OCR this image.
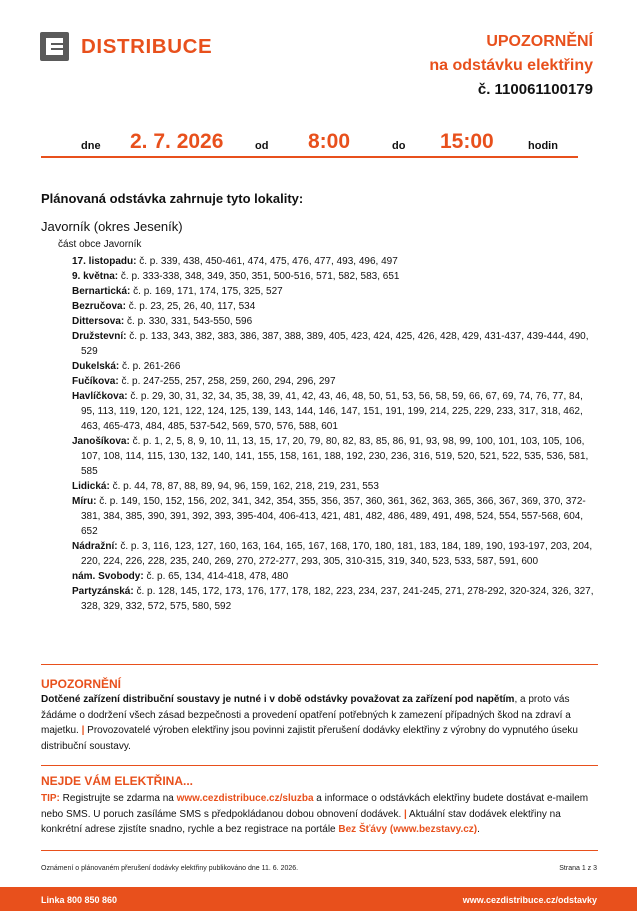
DISTRIBUCE	UPOZORNĚNÍ
na odstávku elektřiny
č. 110061100179
dne 2. 7. 2026	od 8:00	do 15:00	hodin
Plánovaná odstávka zahrnuje tyto lokality:
Javorník (okres Jeseník)
část obce Javorník
17. listopadu: č. p. 339, 438, 450-461, 474, 475, 476, 477, 493, 496, 497
9. května: č. p. 333-338, 348, 349, 350, 351, 500-516, 571, 582, 583, 651
Bernartická: č. p. 169, 171, 174, 175, 325, 527
Bezručova: č. p. 23, 25, 26, 40, 117, 534
Dittersova: č. p. 330, 331, 543-550, 596
Družstevní: č. p. 133, 343, 382, 383, 386, 387, 388, 389, 405, 423, 424, 425, 426, 428, 429, 431-437, 439-444, 490, 529
Dukelská: č. p. 261-266
Fučíkova: č. p. 247-255, 257, 258, 259, 260, 294, 296, 297
Havlíčkova: č. p. 29, 30, 31, 32, 34, 35, 38, 39, 41, 42, 43, 46, 48, 50, 51, 53, 56, 58, 59, 66, 67, 69, 74, 76, 77, 84, 95, 113, 119, 120, 121, 122, 124, 125, 139, 143, 144, 146, 147, 151, 191, 199, 214, 225, 229, 233, 317, 318, 462, 463, 465-473, 484, 485, 537-542, 569, 570, 576, 588, 601
Janošíkova: č. p. 1, 2, 5, 8, 9, 10, 11, 13, 15, 17, 20, 79, 80, 82, 83, 85, 86, 91, 93, 98, 99, 100, 101, 103, 105, 106, 107, 108, 114, 115, 130, 132, 140, 141, 155, 158, 161, 188, 192, 230, 236, 316, 519, 520, 521, 522, 535, 536, 581, 585
Lidická: č. p. 44, 78, 87, 88, 89, 94, 96, 159, 162, 218, 219, 231, 553
Míru: č. p. 149, 150, 152, 156, 202, 341, 342, 354, 355, 356, 357, 360, 361, 362, 363, 365, 366, 367, 369, 370, 372-381, 384, 385, 390, 391, 392, 393, 395-404, 406-413, 421, 481, 482, 486, 489, 491, 498, 524, 554, 557-568, 604, 652
Nádražní: č. p. 3, 116, 123, 127, 160, 163, 164, 165, 167, 168, 170, 180, 181, 183, 184, 189, 190, 193-197, 203, 204, 220, 224, 226, 228, 235, 240, 269, 270, 272-277, 293, 305, 310-315, 319, 340, 523, 533, 587, 591, 600
nám. Svobody: č. p. 65, 134, 414-418, 478, 480
Partyzánská: č. p. 128, 145, 172, 173, 176, 177, 178, 182, 223, 234, 237, 241-245, 271, 278-292, 320-324, 326, 327, 328, 329, 332, 572, 575, 580, 592
UPOZORNĚNÍ
Dotčené zařízení distribuční soustavy je nutné i v době odstávky považovat za zařízení pod napětím, a proto vás žádáme o dodržení všech zásad bezpečnosti a provedení opatření potřebných k zamezení případných škod na zdraví a majetku. | Provozovatelé výroben elektřiny jsou povinni zajistit přerušení dodávky elektřiny z výrobny do vypnutého úseku distribuční soustavy.
NEJDE VÁM ELEKTŘINA...
TIP: Registrujte se zdarma na www.cezdistribuce.cz/sluzba a informace o odstávkách elektřiny budete dostávat e-mailem nebo SMS. U poruch zasíláme SMS s předpokládanou dobou obnovení dodávek. | Aktuální stav dodávek elektřiny na konkrétní adrese zjistíte snadno, rychle a bez registrace na portále Bez Šťávy (www.bezstavy.cz).
Oznámení o plánovaném přerušení dodávky elektřiny publikováno dne 11. 6. 2026.	Strana 1 z 3
Linka 800 850 860	www.cezdistribuce.cz/odstavky
